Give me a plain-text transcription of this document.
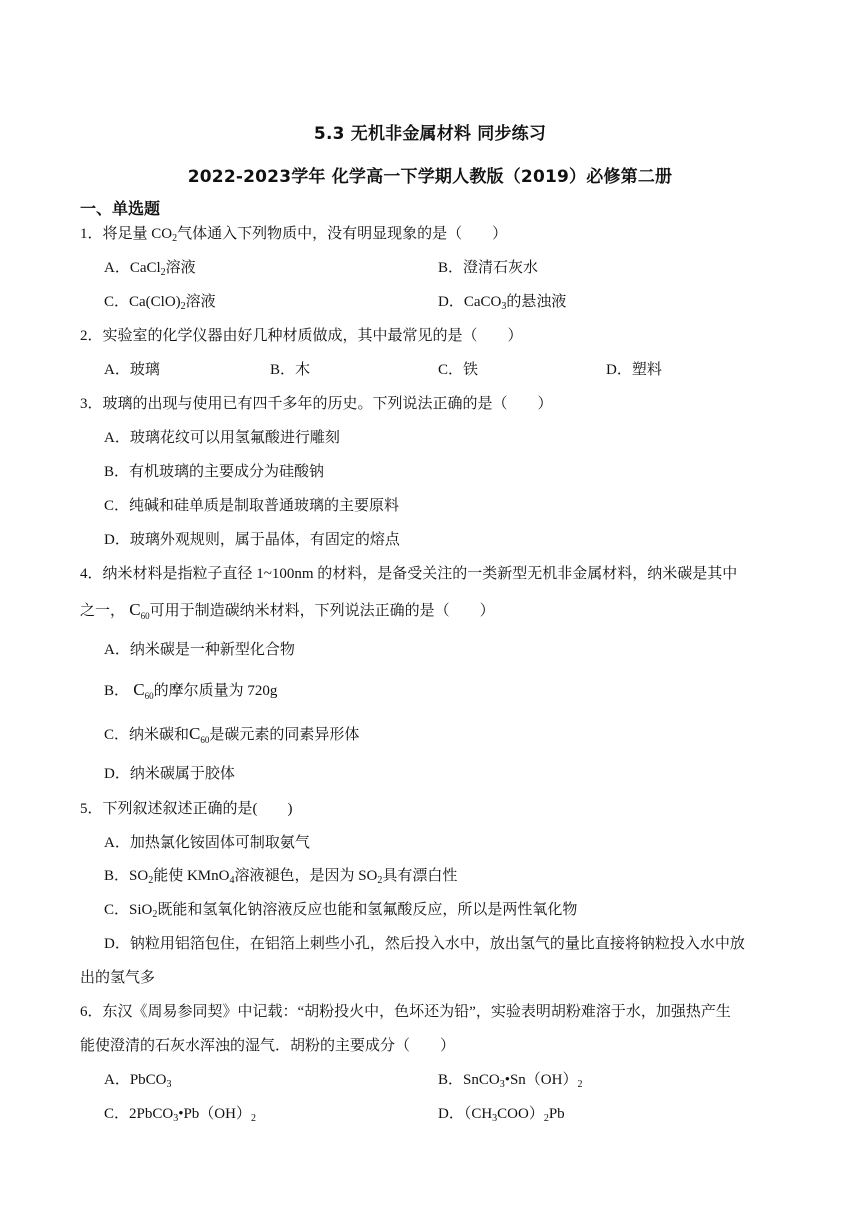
5.3 无机非金属材料 同步练习
2022-2023学年 化学高一下学期人教版（2019）必修第二册
一、单选题
1．将足量 $CO_2$气体通入下列物质中，没有明显现象的是（　　）
A．CaCl$_2$溶液	B．澄清石灰水
C．$Ca(ClO)_2$溶液	D．CaCO$_3$的悬浊液
2．实验室的化学仪器由好几种材质做成，其中最常见的是（　　）
A．玻璃	B．木	C．铁	D．塑料
3．玻璃的出现与使用已有四千多年的历史。下列说法正确的是（　　）
A．玻璃花纹可以用氢氟酸进行雕刻
B．有机玻璃的主要成分为硅酸钠
C．纯碱和硅单质是制取普通玻璃的主要原料
D．玻璃外观规则，属于晶体，有固定的熔点
4．纳米材料是指粒子直径 1~100nm 的材料，是备受关注的一类新型无机非金属材料，纳米碳是其中
之一， $C_{60}$可用于制造碳纳米材料，下列说法正确的是（　　）
A．纳米碳是一种新型化合物
B． $C_{60}$的摩尔质量为 720g
C．纳米碳和$C_{60}$是碳元素的同素异形体
D．纳米碳属于胶体
5．下列叙述叙述正确的是(　　)
A．加热氯化铵固体可制取氨气
B．$SO_2$能使 KMnO$_4$溶液褪色，是因为 $SO_2$具有漂白性
C．SiO$_2$既能和氢氧化钠溶液反应也能和氢氟酸反应，所以是两性氧化物
D．钠粒用铝箔包住，在铝箔上刺些小孔，然后投入水中，放出氢气的量比直接将钠粒投入水中放
出的氢气多
6．东汉《周易参同契》中记载：“胡粉投火中，色坏还为铅”，实验表明胡粉难溶于水，加强热产生
能使澄清的石灰水浑浊的湿气．胡粉的主要成分（　　）
A．PbCO$_3$	B．$SnCO_3•Sn(OH)_2$
C．$2PbCO_3•Pb(OH)_2$	D．$(CH_3COO)_2Pb$
